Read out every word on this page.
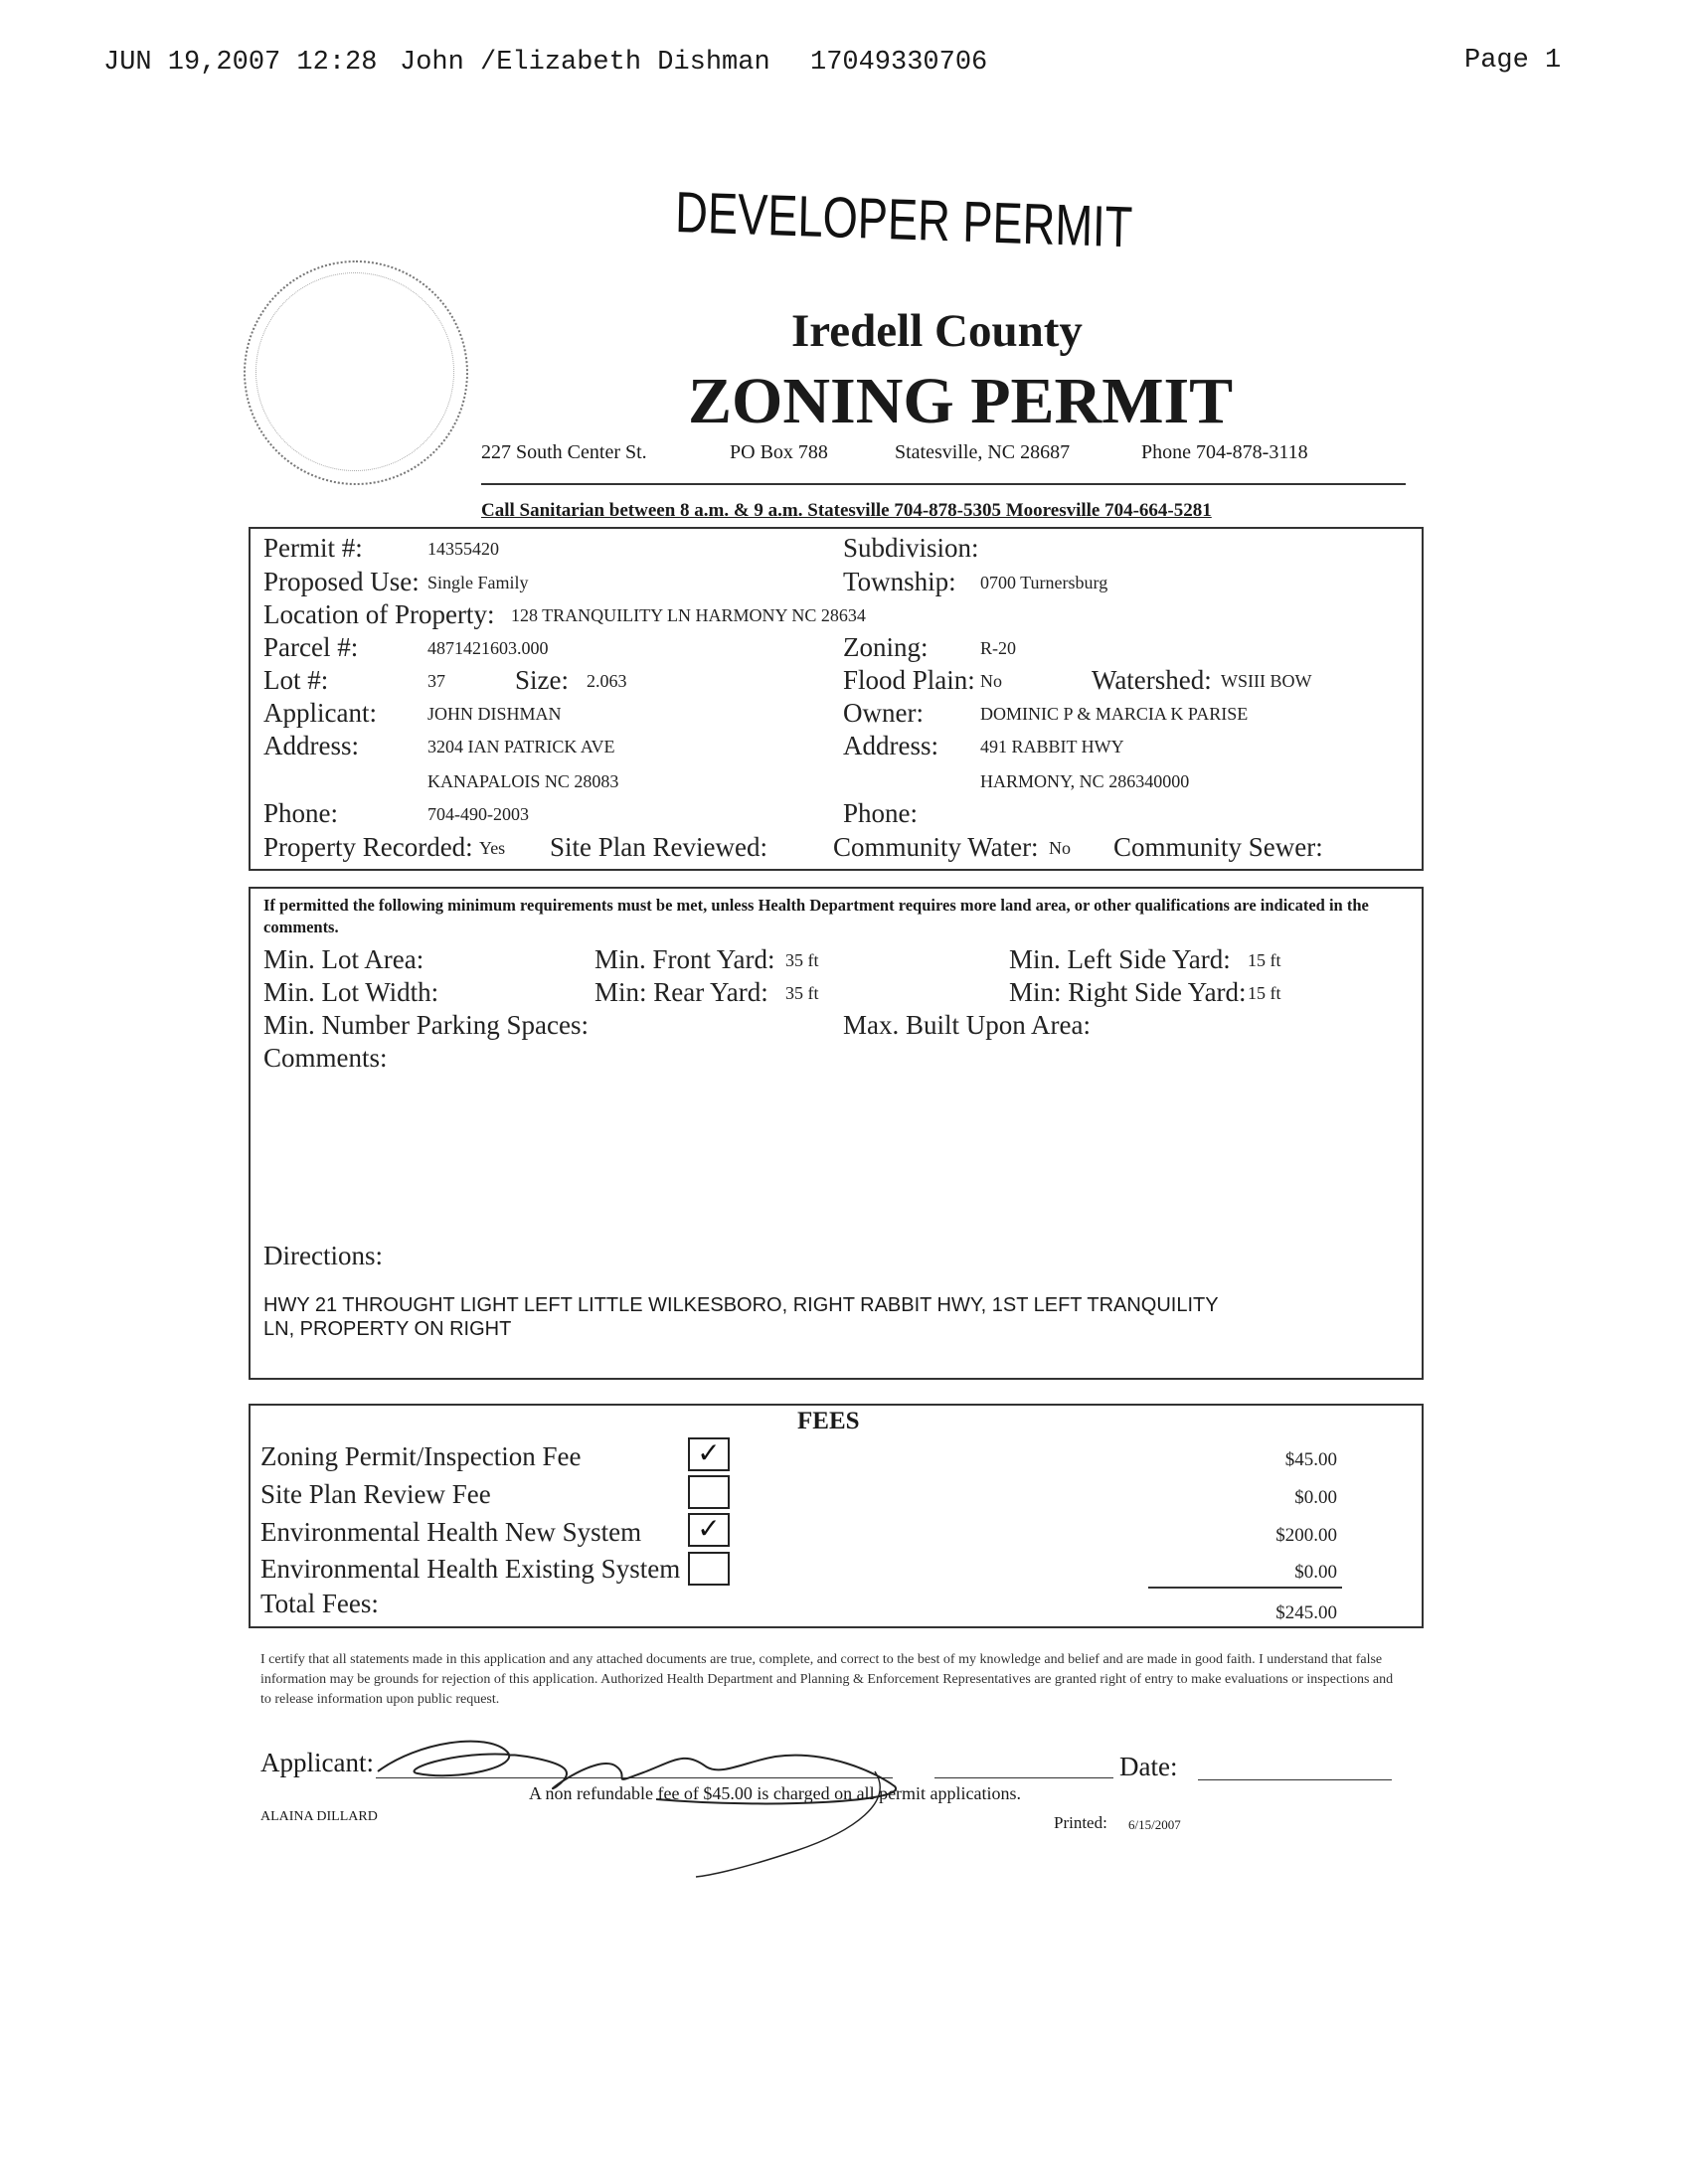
JUN 19,2007 12:28 John /Elizabeth Dishman 17049330706	Page 1
DEVELOPER PERMIT
Iredell County
ZONING PERMIT
227 South Center St.	PO Box 788	Statesville, NC 28687	Phone 704-878-3118
Call Sanitarian between 8 a.m. & 9 a.m. Statesville 704-878-5305 Mooresville 704-664-5281
Permit #:	14355420	Subdivision:
Proposed Use: Single Family	Township: 0700 Turnersburg
Location of Property: 128 TRANQUILITY LN HARMONY NC 28634
Parcel #:	4871421603.000	Zoning:	R-20
Lot #:	37	Size: 2.063	Flood Plain: No	Watershed: WSIII BOW
Applicant:	JOHN DISHMAN	Owner:	DOMINIC P & MARCIA K PARISE
Address:	3204 IAN PATRICK AVE	Address: 491 RABBIT HWY
KANAPALOIS NC 28083	HARMONY, NC 286340000
Phone:	704-490-2003	Phone:
Property Recorded: Yes Site Plan Reviewed: Community Water: No Community Sewer:
If permitted the following minimum requirements must be met, unless Health Department requires more land area, or other qualifications are indicated in the comments.
Min. Lot Area:	Min. Front Yard: 35 ft	Min. Left Side Yard: 15 ft
Min. Lot Width:	Min: Rear Yard: 35 ft	Min: Right Side Yard: 15 ft
Min. Number Parking Spaces:	Max. Built Upon Area:
Comments:
Directions:
HWY 21 THROUGHT LIGHT LEFT LITTLE WILKESBORO, RIGHT RABBIT HWY, 1ST LEFT TRANQUILITY
LN, PROPERTY ON RIGHT
FEES
Zoning Permit/Inspection Fee	✓	$45.00
Site Plan Review Fee	$0.00
Environmental Health New System	✓	$200.00
Environmental Health Existing System	$0.00
Total Fees:	$245.00
I certify that all statements made in this application and any attached documents are true, complete, and correct to the best of my knowledge and belief and are made in good faith. I understand that false information may be grounds for rejection of this application. Authorized Health Department and Planning & Enforcement Representatives are granted right of entry to make evaluations or inspections and to release information upon public request.
Applicant:	Date:
A non refundable fee of $45.00 is charged on all permit applications.
ALAINA DILLARD	Printed: 6/15/2007
